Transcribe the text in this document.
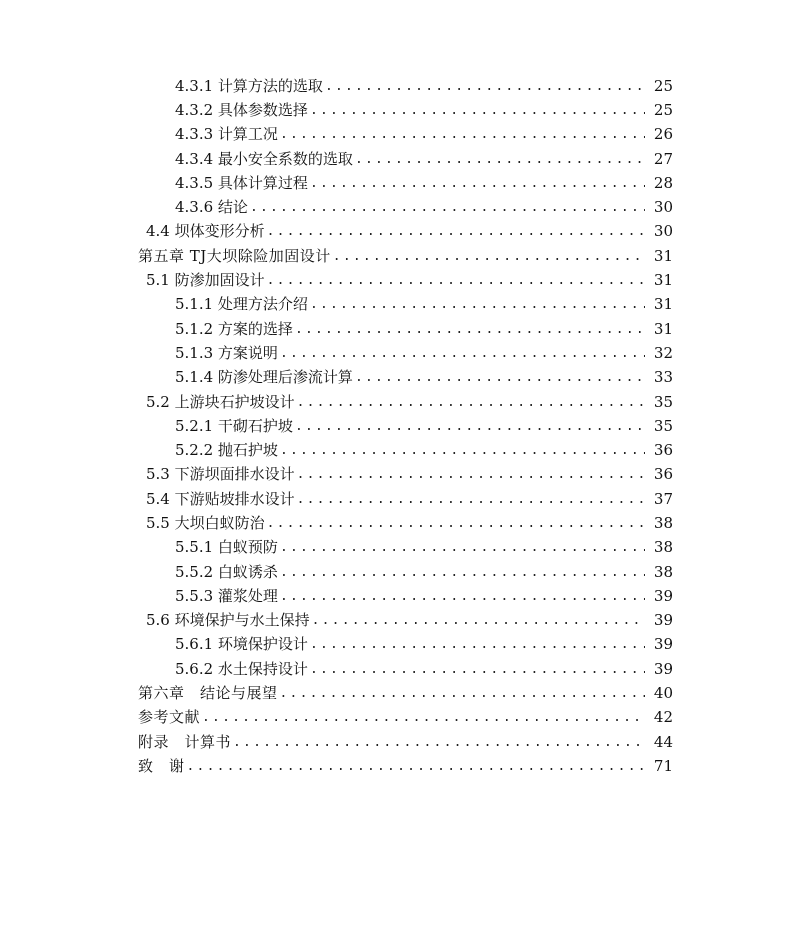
4.3.1 计算方法的选取 .....	25
4.3.2 具体参数选择 .....	25
4.3.3 计算工况 .....	26
4.3.4 最小安全系数的选取 .....	27
4.3.5 具体计算过程 .....	28
4.3.6 结论 .....	30
4.4 坝体变形分析 .....	30
第五章 TJ大坝除险加固设计 .....	31
5.1 防渗加固设计 .....	31
5.1.1 处理方法介绍 .....	31
5.1.2 方案的选择 .....	31
5.1.3 方案说明 .....	32
5.1.4 防渗处理后渗流计算 .....	33
5.2 上游块石护坡设计 .....	35
5.2.1 干砌石护坡 .....	35
5.2.2 抛石护坡 .....	36
5.3 下游坝面排水设计 .....	36
5.4 下游贴坡排水设计 .....	37
5.5 大坝白蚁防治 .....	38
5.5.1 白蚁预防 .....	38
5.5.2 白蚁诱杀 .....	38
5.5.3 灌浆处理 .....	39
5.6 环境保护与水土保持 .....	39
5.6.1 环境保护设计 .....	39
5.6.2 水土保持设计 .....	39
第六章　结论与展望 .....	40
参考文献 .....	42
附录　计算书 .....	44
致　谢 .....	71
